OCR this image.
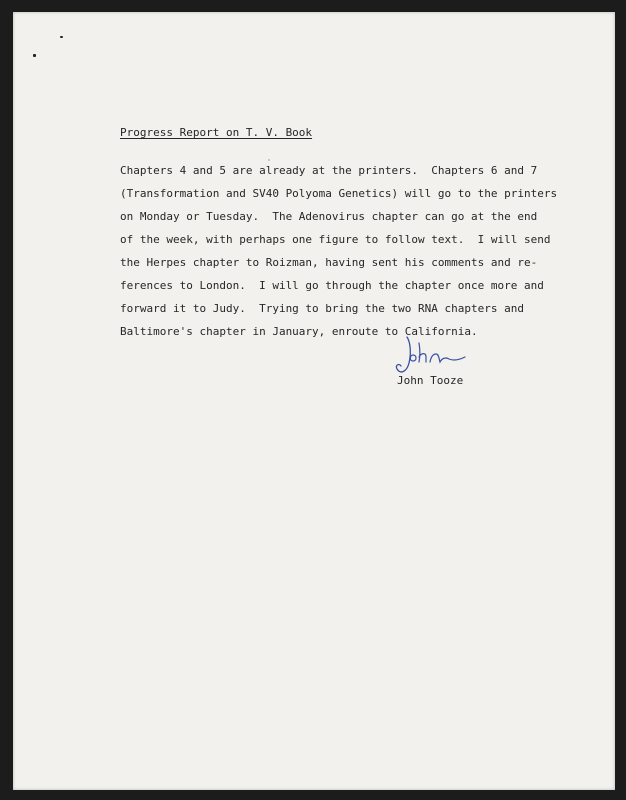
Progress Report on T. V. Book

Chapters 4 and 5 are already at the printers.  Chapters 6 and 7

(Transformation and SV40 Polyoma Genetics) will go to the printers

on Monday or Tuesday.  The Adenovirus chapter can go at the end

of the week, with perhaps one figure to follow text.  I will send

the Herpes chapter to Roizman, having sent his comments and re-

ferences to London.  I will go through the chapter once more and

forward it to Judy.  Trying to bring the two RNA chapters and

Baltimore's chapter in January, enroute to California.

John Tooze
